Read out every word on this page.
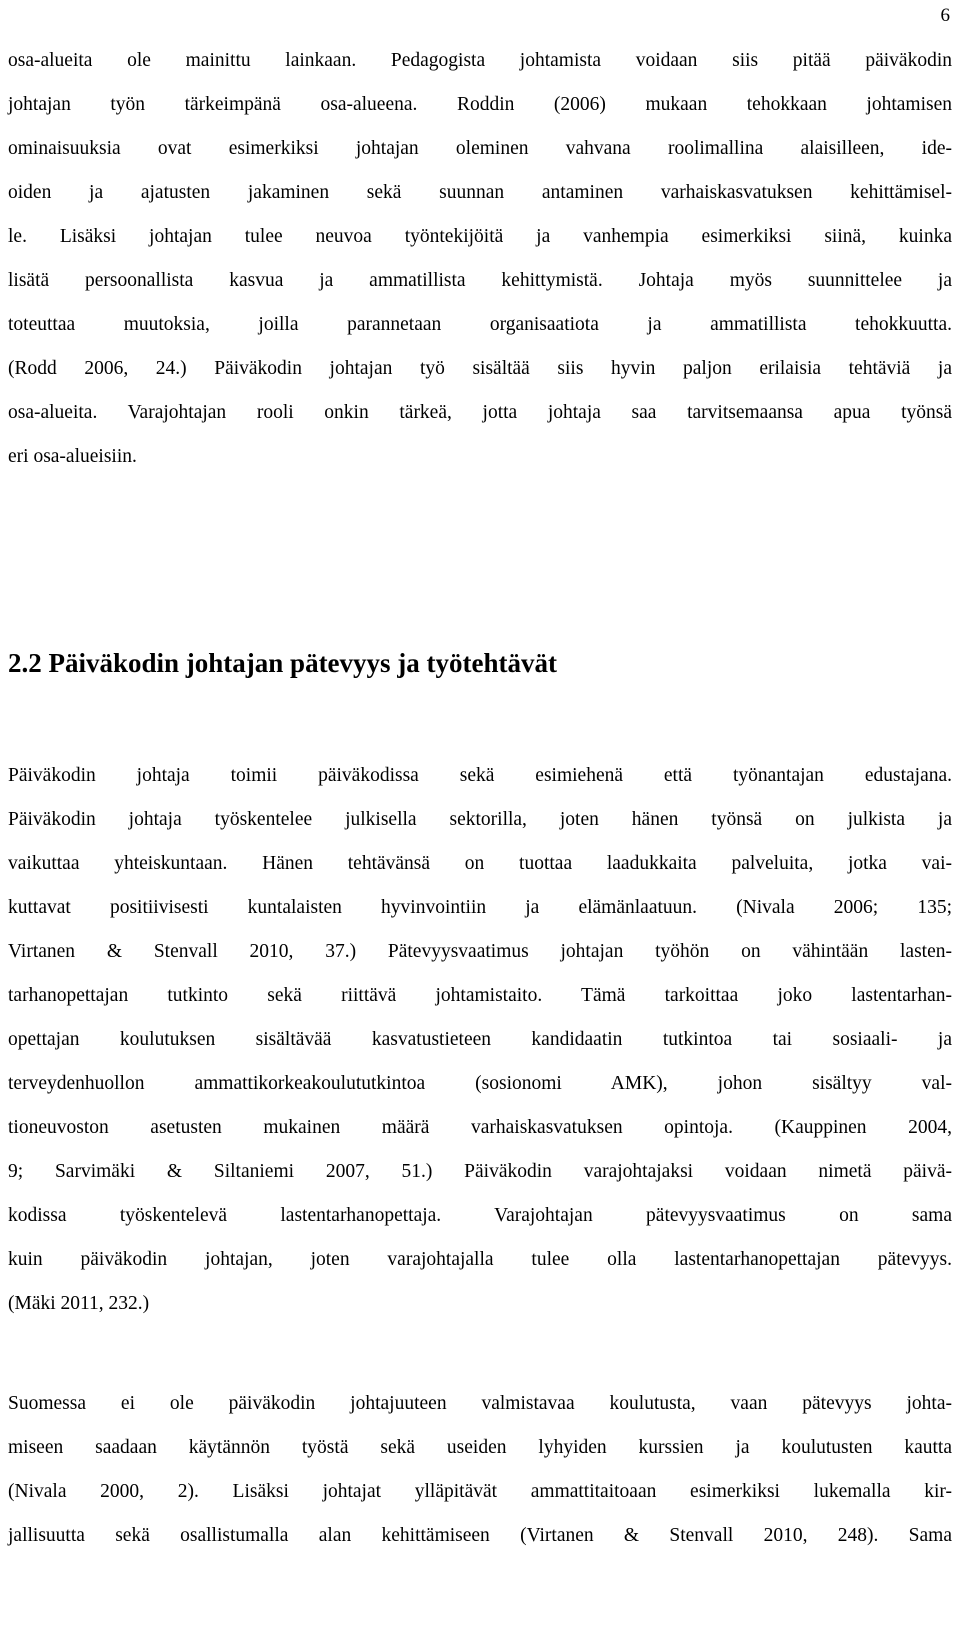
6

osa-alueita ole mainittu lainkaan. Pedagogista johtamista voidaan siis pitää päiväkodin

johtajan työn tärkeimpänä osa-alueena. Roddin (2006) mukaan tehokkaan johtamisen

ominaisuuksia ovat esimerkiksi johtajan oleminen vahvana roolimallina alaisilleen, ide-

oiden ja ajatusten jakaminen sekä suunnan antaminen varhaiskasvatuksen kehittämisel-

le. Lisäksi johtajan tulee neuvoa työntekijöitä ja vanhempia esimerkiksi siinä, kuinka

lisätä persoonallista kasvua ja ammatillista kehittymistä. Johtaja myös suunnittelee ja

toteuttaa muutoksia, joilla parannetaan organisaatiota ja ammatillista tehokkuutta.

(Rodd 2006, 24.) Päiväkodin johtajan työ sisältää siis hyvin paljon erilaisia tehtäviä ja

osa-alueita. Varajohtajan rooli onkin tärkeä, jotta johtaja saa tarvitsemaansa apua työnsä

eri osa-alueisiin.

2.2 Päiväkodin johtajan pätevyys ja työtehtävät

Päiväkodin johtaja toimii päiväkodissa sekä esimiehenä että työnantajan edustajana.

Päiväkodin johtaja työskentelee julkisella sektorilla, joten hänen työnsä on julkista ja

vaikuttaa yhteiskuntaan. Hänen tehtävänsä on tuottaa laadukkaita palveluita, jotka vai-

kuttavat positiivisesti kuntalaisten hyvinvointiin ja elämänlaatuun. (Nivala 2006; 135;

Virtanen & Stenvall 2010, 37.) Pätevyysvaatimus johtajan työhön on vähintään lasten-

tarhanopettajan tutkinto sekä riittävä johtamistaito. Tämä tarkoittaa joko lastentarhan-

opettajan koulutuksen sisältävää kasvatustieteen kandidaatin tutkintoa tai sosiaali- ja

terveydenhuollon ammattikorkeakoulututkintoa (sosionomi AMK), johon sisältyy val-

tioneuvoston asetusten mukainen määrä varhaiskasvatuksen opintoja. (Kauppinen 2004,

9; Sarvimäki & Siltaniemi 2007, 51.) Päiväkodin varajohtajaksi voidaan nimetä päivä-

kodissa työskentelevä lastentarhanopettaja. Varajohtajan pätevyysvaatimus on sama

kuin päiväkodin johtajan, joten varajohtajalla tulee olla lastentarhanopettajan pätevyys.

(Mäki 2011, 232.)

Suomessa ei ole päiväkodin johtajuuteen valmistavaa koulutusta, vaan pätevyys johta-

miseen saadaan käytännön työstä sekä useiden lyhyiden kurssien ja koulutusten kautta

(Nivala 2000, 2). Lisäksi johtajat ylläpitävät ammattitaitoaan esimerkiksi lukemalla kir-

jallisuutta sekä osallistumalla alan kehittämiseen (Virtanen & Stenvall 2010, 248). Sama
